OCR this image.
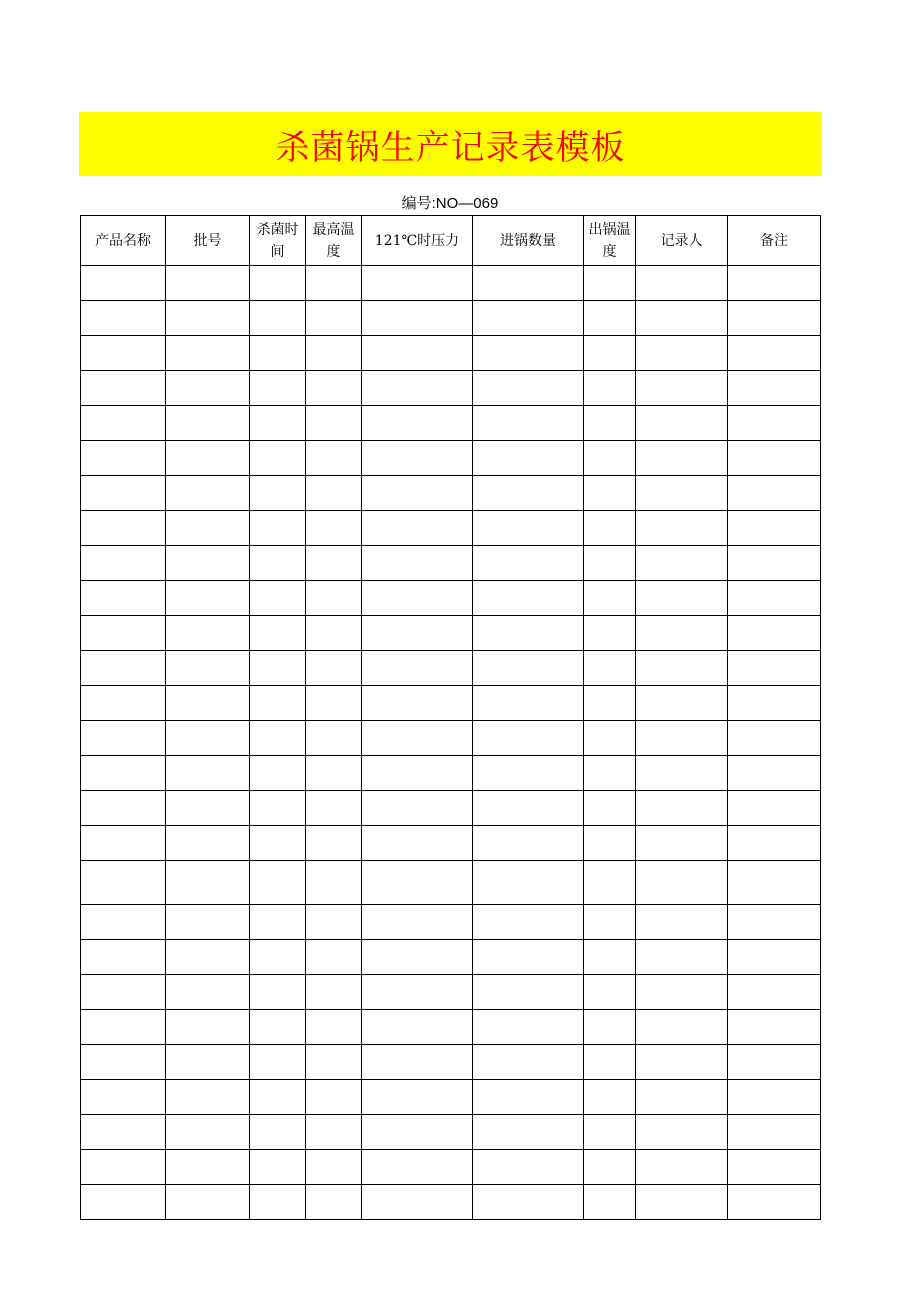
杀菌锅生产记录表模板
编号:NO—069
产品名称	批号	杀菌时间	最高温度	121℃时压力	进锅数量	出锅温度	记录人	备注
